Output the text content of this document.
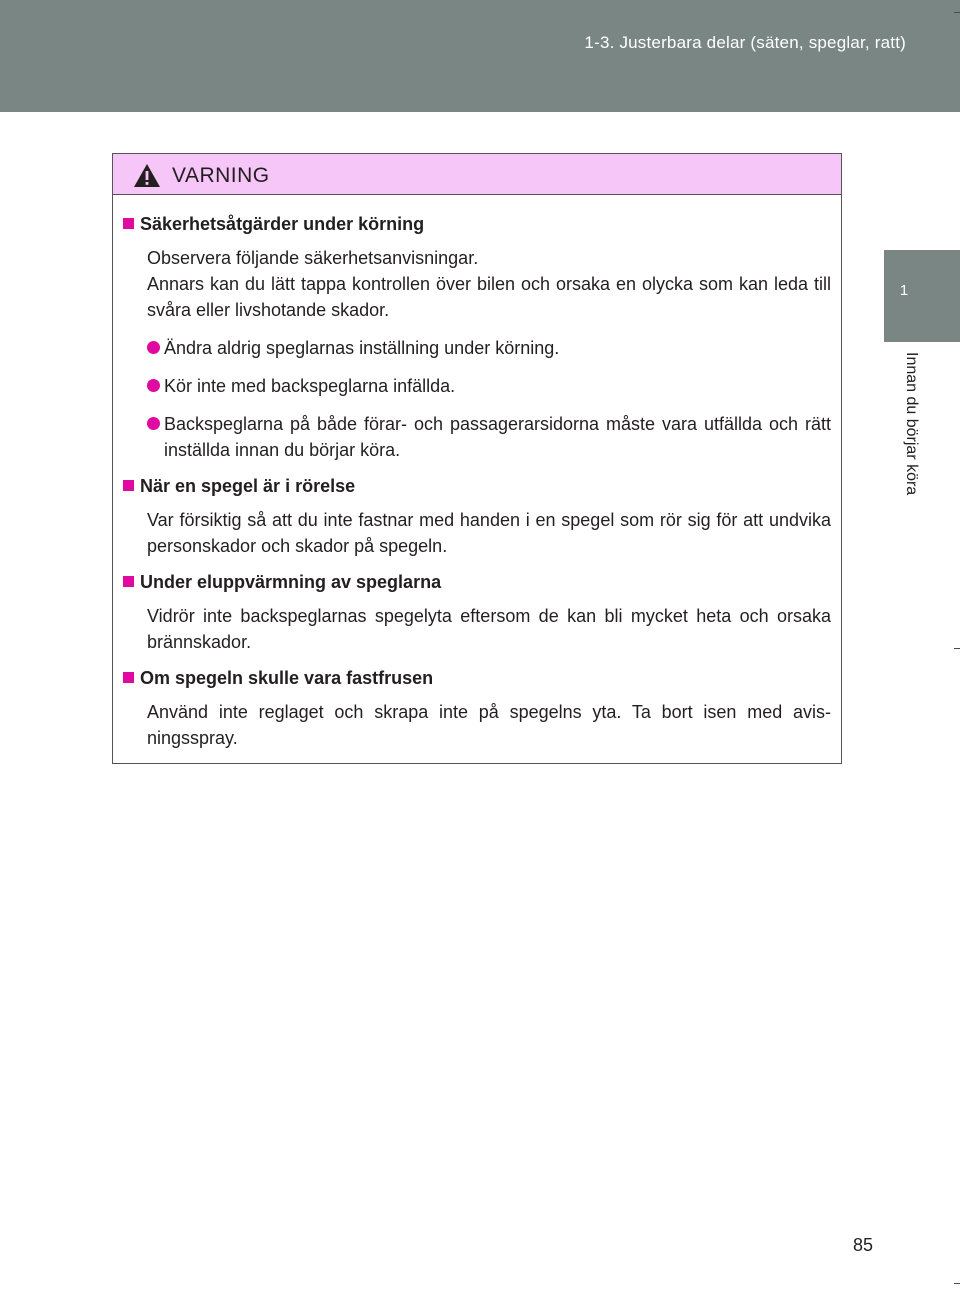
1-3. Justerbara delar (säten, speglar, ratt)
1
Innan du börjar köra
VARNING
Säkerhetsåtgärder under körning
Observera följande säkerhetsanvisningar.
Annars kan du lätt tappa kontrollen över bilen och orsaka en olycka som kan leda till svåra eller livshotande skador.
Ändra aldrig speglarnas inställning under körning.
Kör inte med backspeglarna infällda.
Backspeglarna på både förar- och passagerarsidorna måste vara utfällda och rätt inställda innan du börjar köra.
När en spegel är i rörelse
Var försiktig så att du inte fastnar med handen i en spegel som rör sig för att undvika personskador och skador på spegeln.
Under eluppvärmning av speglarna
Vidrör inte backspeglarnas spegelyta eftersom de kan bli mycket heta och orsaka brännskador.
Om spegeln skulle vara fastfrusen
Använd inte reglaget och skrapa inte på spegelns yta. Ta bort isen med avis- ningsspray.
85
